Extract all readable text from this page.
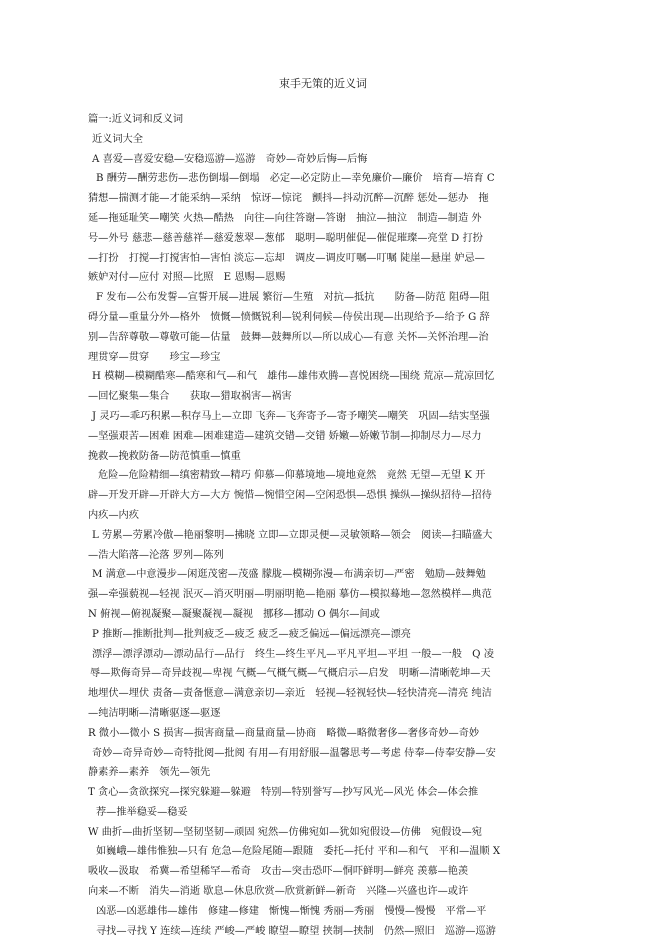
束手无策的近义词
篇一:近义词和反义词
近义词大全
A 喜爱—喜爱安稳—安稳巡游—巡游　奇妙—奇妙后悔—后悔
B 酬劳—酬劳悲伤—悲伤倒塌—倒塌　必定—必定防止—幸免廉价—廉价　培育—培育 C
猜想—揣测才能—才能采纳—采纳　惊讶—惊诧　颤抖—抖动沉醉—沉醉 惩处—惩办　拖
延—拖延耻笑—嘲笑 火热—酷热　向往—向往答谢—答谢　抽泣—抽泣　制造—制造 外
号—外号 慈悲—慈善慈祥—慈爱葱翠—葱郁　聪明—聪明催促—催促璀璨—亮堂 D 打扮
—打扮　打搅—打搅害怕—害怕 淡忘—忘却　调皮—调皮叮嘱—叮嘱 陡崖—悬崖 妒忌—
嫉妒对付—应付 对照—比照　E 恩赐—恩赐
F 发布—公布发誓—宣誓开展—进展 繁衍—生殖　对抗—抵抗　　防备—防范 阻碍—阻
碍分量—重量分外—格外　愤慨—愤慨锐利—锐利伺候—侍侯出现—出现给予—给予 G 辞
别—告辞尊敬—尊敬可能—估量　鼓舞—鼓舞所以—所以成心—有意 关怀—关怀治理—治
理贯穿—贯穿　　珍宝—珍宝
H 模糊—模糊酷寒—酷寒和气—和气　雄伟—雄伟欢腾—喜悦困绕—围绕 荒凉—荒凉回忆
—回忆聚集—集合　　获取—猎取祸害—祸害
J 灵巧—乖巧积累—积存马上—立即 飞奔—飞奔寄予—寄予嘲笑—嘲笑　巩固—结实坚强
—坚强艰苦—困难 困难—困难建造—建筑交错—交错 娇嫩—娇嫩节制—抑制尽力—尽力
挽救—挽救防备—防范慎重—慎重
危险—危险精细—缜密精致—精巧 仰慕—仰慕境地—境地竟然　竟然 无望—无望 K 开
辟—开发开辟—开辟大方—大方 惋惜—惋惜空闲—空闲恐惧—恐惧 操纵—操纵招待—招待
内疚—内疚
L 劳累—劳累冷傲—艳丽黎明—拂晓 立即—立即灵便—灵敏领略—领会　阅读—扫瞄盛大
—浩大陷落—沦落 罗列—陈列
M 满意—中意漫步—闲逛茂密—茂盛 朦胧—模糊弥漫—布满亲切—严密　勉励—鼓舞勉
强—牵强藐视—轻视 泯灭—消灭明丽—明丽明艳—艳丽 摹仿—模拟蓦地—忽然模样—典范
N 俯视—俯视凝聚—凝聚凝视—凝视　挪移—挪动 O 偶尔—间或
P 推断—推断批判—批判疲乏—疲乏 疲乏—疲乏偏远—偏远漂亮—漂亮
漂浮—漂浮漂动—漂动品行—品行　终生—终生平凡—平凡平坦—平坦 一般—一般　Q 凌
辱—欺侮奇异—奇异歧视—卑视 气概—气概气概—气概启示—启发　明晰—清晰乾坤—天
地埋伏—埋伏 责备—责备惬意—满意亲切—亲近　轻视—轻视轻快—轻快清亮—清亮 纯洁
—纯洁明晰—清晰驱逐—驱逐
R 微小—微小 S 损害—损害商量—商量商量—协商　略微—略微奢侈—奢侈奇妙—奇妙
奇妙—奇异奇妙—奇特批阅—批阅 有用—有用舒服—温馨思考—考虑 侍奉—侍奉安静—安
静素养—素养　领先—领先
T 贪心—贪欲探究—探究躲避—躲避　特别—特别誉写—抄写风光—风光 体会—体会推
荐—推举稳妥—稳妥
W 曲折—曲折坚韧—坚韧坚韧—顽固 宛然—仿佛宛如—犹如宛假设—仿佛　宛假设—宛
如巍峨—雄伟惟独—只有 危急—危险尾随—跟随　委托—托付 平和—和气　平和—温顺 X
吸收—汲取　希冀—希望稀罕—希奇　攻击—突击恐吓—恫吓鲜明—鲜亮 羡慕—艳羡
向来—不断　消失—消逝 歇息—休息欣赏—欣赏新鲜—新奇　兴隆—兴盛也许—或许
凶恶—凶恶雄伟—雄伟　修建—修建　惭愧—惭愧 秀丽—秀丽　慢慢—慢慢　平常—平
寻找—寻找 Y 连续—连续 严峻—严峻 瞭望—瞭望 挟制—挟制　仍然—照旧　巡游—巡游
